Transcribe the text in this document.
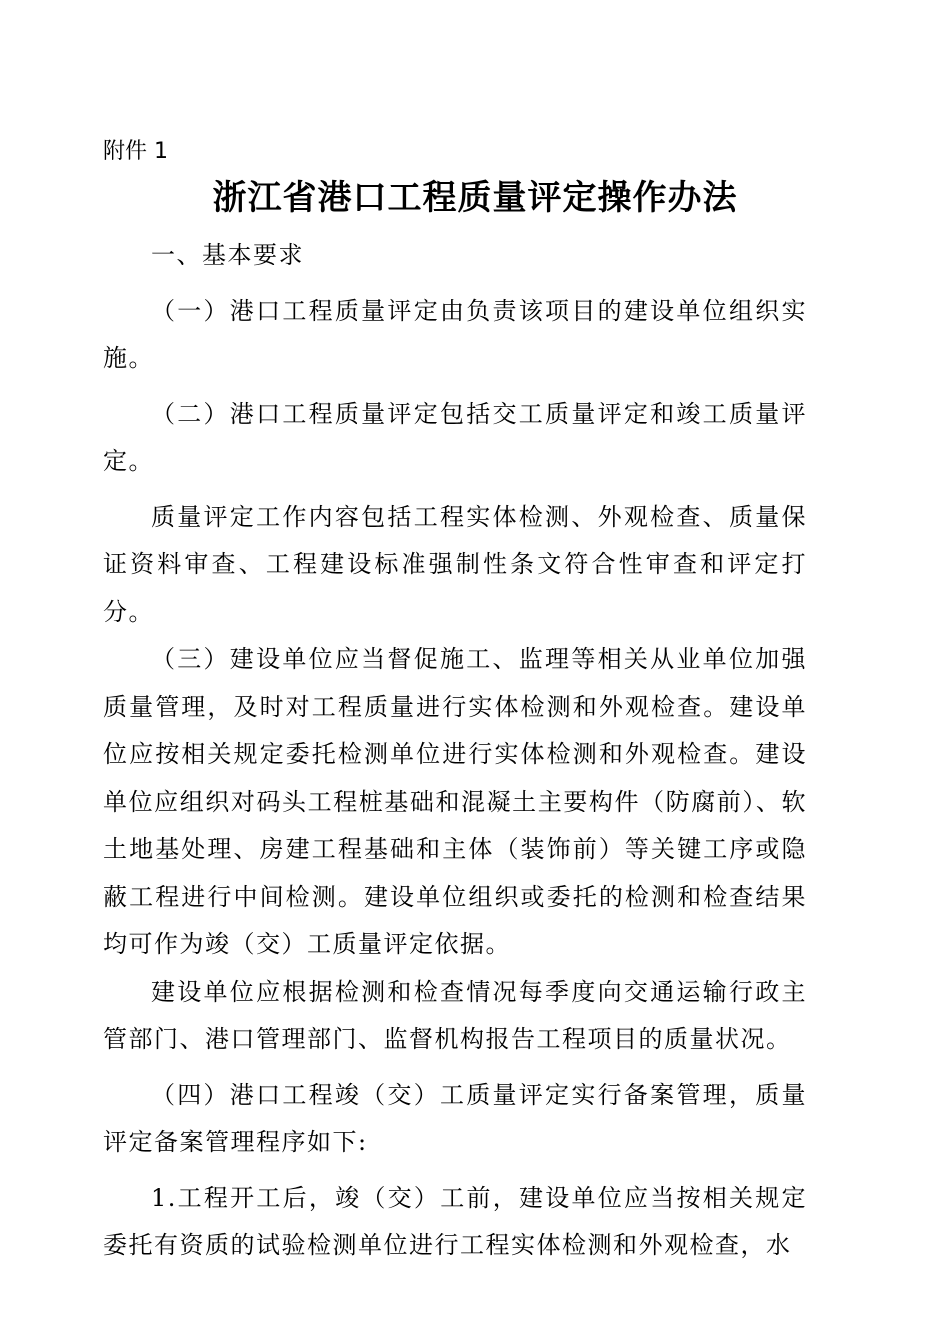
附件 1
浙江省港口工程质量评定操作办法

一、基本要求

（一）港口工程质量评定由负责该项目的建设单位组织实施。

（二）港口工程质量评定包括交工质量评定和竣工质量评定。

质量评定工作内容包括工程实体检测、外观检查、质量保证资料审查、工程建设标准强制性条文符合性审查和评定打分。

（三）建设单位应当督促施工、监理等相关从业单位加强质量管理，及时对工程质量进行实体检测和外观检查。建设单位应按相关规定委托检测单位进行实体检测和外观检查。建设单位应组织对码头工程桩基础和混凝土主要构件（防腐前）、软土地基处理、房建工程基础和主体（装饰前）等关键工序或隐蔽工程进行中间检测。建设单位组织或委托的检测和检查结果均可作为竣（交）工质量评定依据。

建设单位应根据检测和检查情况每季度向交通运输行政主管部门、港口管理部门、监督机构报告工程项目的质量状况。

（四）港口工程竣（交）工质量评定实行备案管理，质量评定备案管理程序如下:

1.工程开工后，竣（交）工前，建设单位应当按相关规定委托有资质的试验检测单位进行工程实体检测和外观检查，水
